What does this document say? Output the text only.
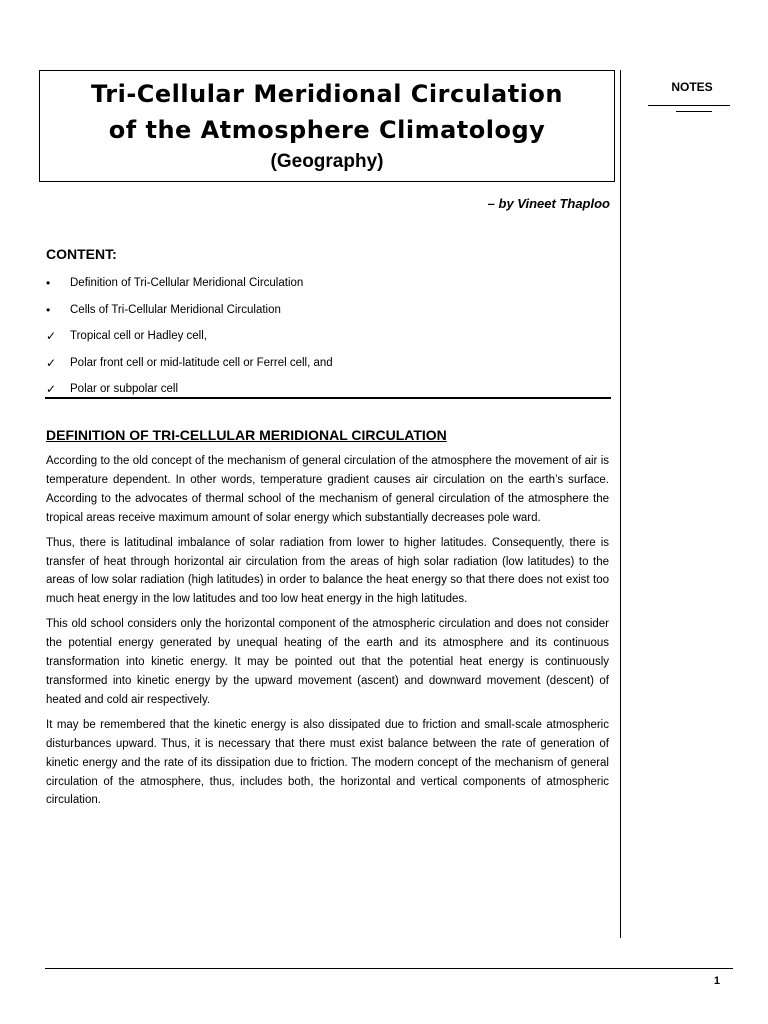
Tri-Cellular Meridional Circulation
of the Atmosphere Climatology
(Geography)
NOTES
– by Vineet Thaploo
CONTENT:
•	Definition of Tri-Cellular Meridional Circulation
•	Cells of Tri-Cellular Meridional Circulation
✓	Tropical cell or Hadley cell,
✓	Polar front cell or mid-latitude cell or Ferrel cell, and
✓	Polar or subpolar cell
DEFINITION OF TRI-CELLULAR MERIDIONAL CIRCULATION

According to the old concept of the mechanism of general circulation of the atmosphere the movement of air is temperature dependent. In other words, temperature gradient causes air circulation on the earth’s surface. According to the advocates of thermal school of the mechanism of general circulation of the atmosphere the tropical areas receive maximum amount of solar energy which substantially decreases pole ward.

Thus, there is latitudinal imbalance of solar radiation from lower to higher latitudes. Consequently, there is transfer of heat through horizontal air circulation from the areas of high solar radiation (low latitudes) to the areas of low solar radiation (high latitudes) in order to balance the heat energy so that there does not exist too much heat energy in the low latitudes and too low heat energy in the high latitudes.

This old school considers only the horizontal component of the atmospheric circulation and does not consider the potential energy generated by unequal heating of the earth and its atmosphere and its continuous transformation into kinetic energy. It may be pointed out that the potential heat energy is continuously transformed into kinetic energy by the upward movement (ascent) and downward movement (descent) of heated and cold air respectively.

It may be remembered that the kinetic energy is also dissipated due to friction and small-scale atmospheric disturbances upward. Thus, it is necessary that there must exist balance between the rate of generation of kinetic energy and the rate of its dissipation due to friction. The modern concept of the mechanism of general circulation of the atmosphere, thus, includes both, the horizontal and vertical components of atmospheric circulation.

1
